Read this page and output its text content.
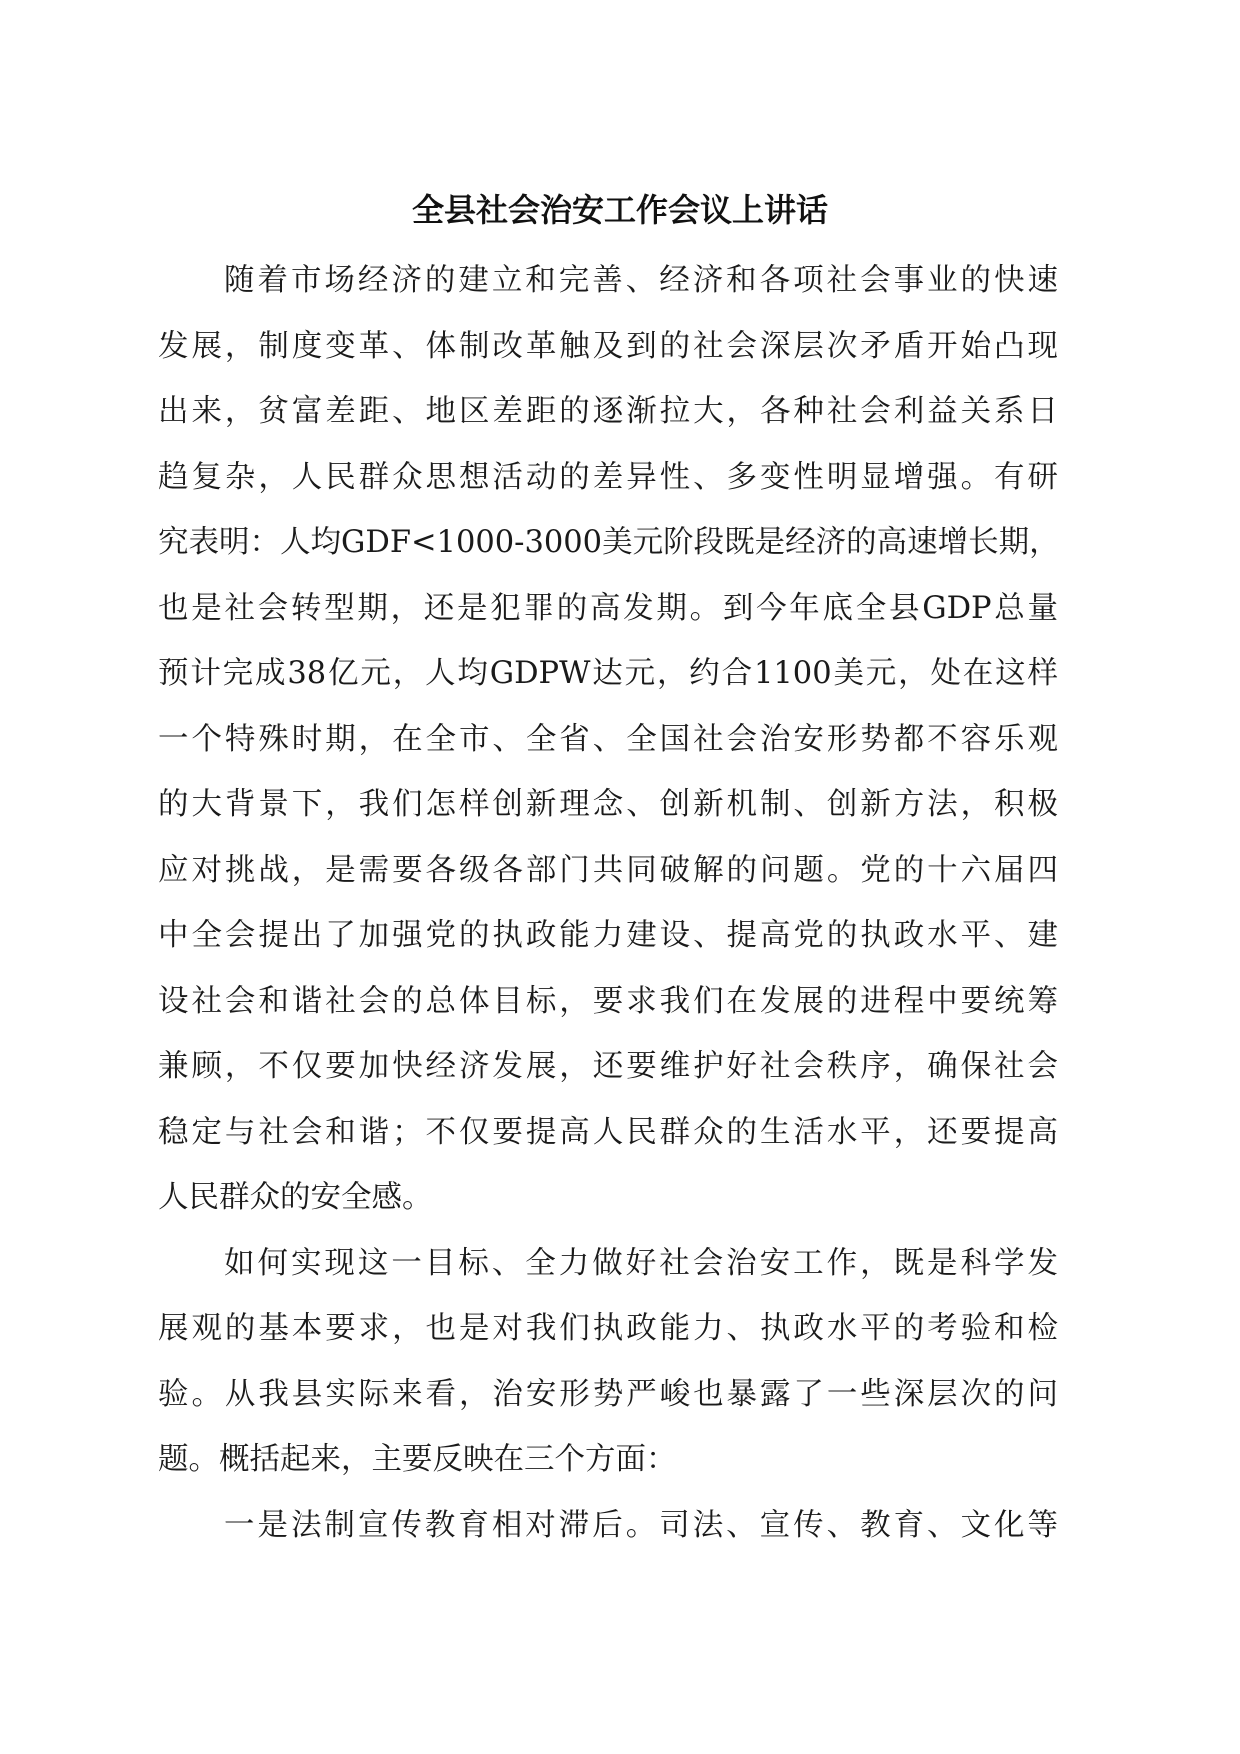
全县社会治安工作会议上讲话
随着市场经济的建立和完善、经济和各项社会事业的快速
发展，制度变革、体制改革触及到的社会深层次矛盾开始凸现
出来，贫富差距、地区差距的逐渐拉大，各种社会利益关系日
趋复杂，人民群众思想活动的差异性、多变性明显增强。有研
究表明：人均GDF<1000-3000美元阶段既是经济的高速增长期，
也是社会转型期，还是犯罪的高发期。到今年底全县GDP总量
预计完成38亿元，人均GDPW达元，约合1100美元，处在这样
一个特殊时期，在全市、全省、全国社会治安形势都不容乐观
的大背景下，我们怎样创新理念、创新机制、创新方法，积极
应对挑战，是需要各级各部门共同破解的问题。党的十六届四
中全会提出了加强党的执政能力建设、提高党的执政水平、建
设社会和谐社会的总体目标，要求我们在发展的进程中要统筹
兼顾，不仅要加快经济发展，还要维护好社会秩序，确保社会
稳定与社会和谐；不仅要提高人民群众的生活水平，还要提高
人民群众的安全感。
如何实现这一目标、全力做好社会治安工作，既是科学发
展观的基本要求，也是对我们执政能力、执政水平的考验和检
验。从我县实际来看，治安形势严峻也暴露了一些深层次的问
题。概括起来，主要反映在三个方面：
一是法制宣传教育相对滞后。司法、宣传、教育、文化等
